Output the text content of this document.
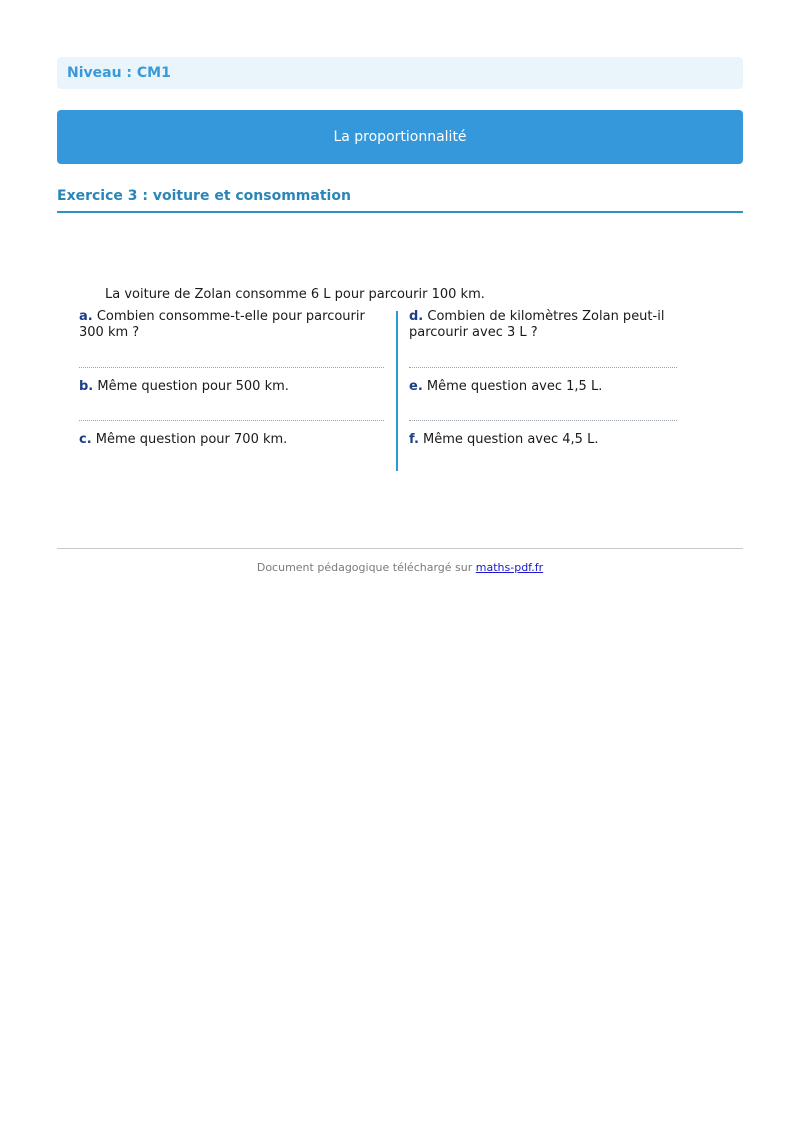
Niveau : CM1
La proportionnalité
Exercice 3 : voiture et consommation
La voiture de Zolan consomme 6 L pour parcourir 100 km.
a. Combien consomme-t-elle pour parcourir
300 km ?
b. Même question pour 500 km.
c. Même question pour 700 km.
d. Combien de kilomètres Zolan peut-il
parcourir avec 3 L ?
e. Même question avec 1,5 L.
f. Même question avec 4,5 L.
Document pédagogique téléchargé sur maths-pdf.fr
